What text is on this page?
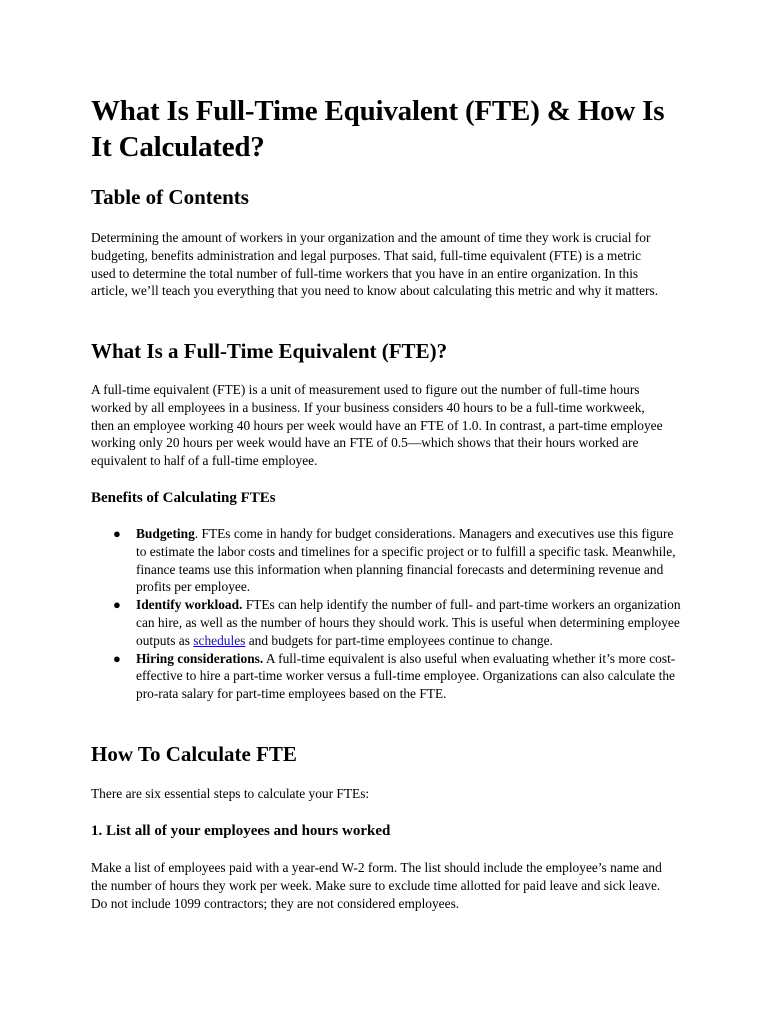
What Is Full-Time Equivalent (FTE) & How Is It Calculated?
Table of Contents

Determining the amount of workers in your organization and the amount of time they work is crucial for budgeting, benefits administration and legal purposes. That said, full-time equivalent (FTE) is a metric used to determine the total number of full-time workers that you have in an entire organization. In this article, we’ll teach you everything that you need to know about calculating this metric and why it matters.

What Is a Full-Time Equivalent (FTE)?

A full-time equivalent (FTE) is a unit of measurement used to figure out the number of full-time hours worked by all employees in a business. If your business considers 40 hours to be a full-time workweek, then an employee working 40 hours per week would have an FTE of 1.0. In contrast, a part-time employee working only 20 hours per week would have an FTE of 0.5—which shows that their hours worked are equivalent to half of a full-time employee.

Benefits of Calculating FTEs
● Budgeting. FTEs come in handy for budget considerations. Managers and executives use this figure to estimate the labor costs and timelines for a specific project or to fulfill a specific task. Meanwhile, finance teams use this information when planning financial forecasts and determining revenue and profits per employee.
● Identify workload. FTEs can help identify the number of full- and part-time workers an organization can hire, as well as the number of hours they should work. This is useful when determining employee outputs as schedules and budgets for part-time employees continue to change.
● Hiring considerations. A full-time equivalent is also useful when evaluating whether it’s more cost-effective to hire a part-time worker versus a full-time employee. Organizations can also calculate the pro-rata salary for part-time employees based on the FTE.
How To Calculate FTE

There are six essential steps to calculate your FTEs:

1. List all of your employees and hours worked

Make a list of employees paid with a year-end W-2 form. The list should include the employee’s name and the number of hours they work per week. Make sure to exclude time allotted for paid leave and sick leave. Do not include 1099 contractors; they are not considered employees.
